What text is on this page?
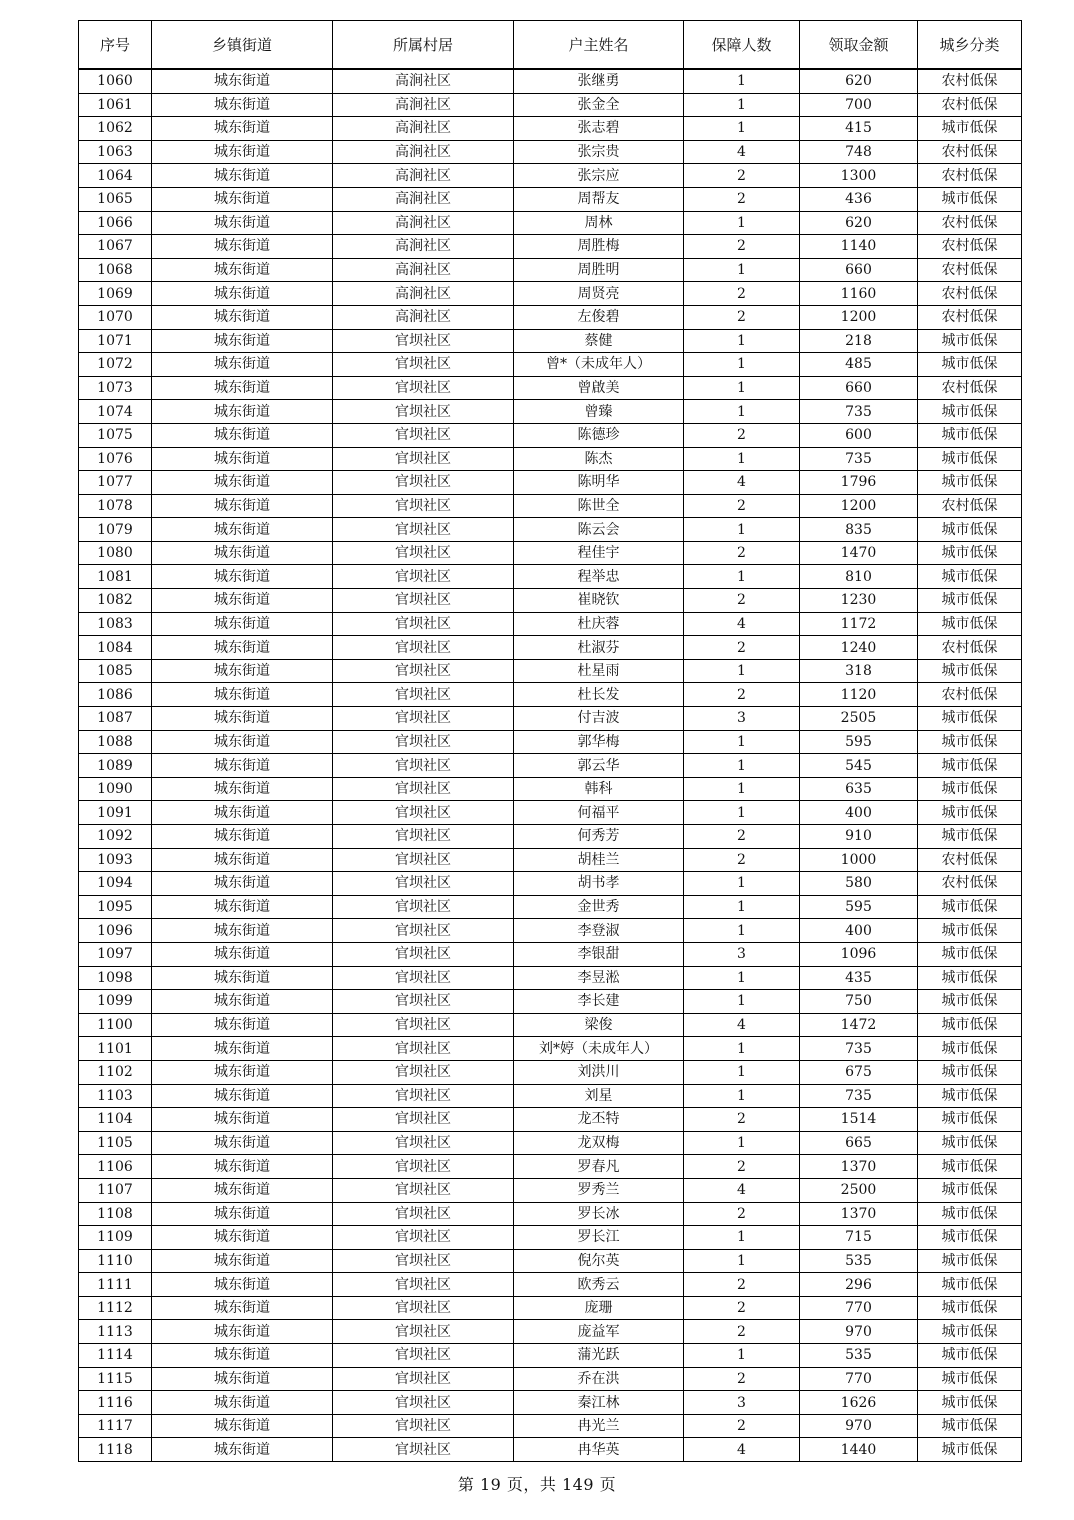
序号	乡镇街道	所属村居	户主姓名	保障人数	领取金额	城乡分类
1060	城东街道	高涧社区	张继勇	1	620	农村低保
1061	城东街道	高涧社区	张金全	1	700	农村低保
1062	城东街道	高涧社区	张志碧	1	415	城市低保
1063	城东街道	高涧社区	张宗贵	4	748	农村低保
1064	城东街道	高涧社区	张宗应	2	1300	农村低保
1065	城东街道	高涧社区	周帮友	2	436	城市低保
1066	城东街道	高涧社区	周林	1	620	农村低保
1067	城东街道	高涧社区	周胜梅	2	1140	农村低保
1068	城东街道	高涧社区	周胜明	1	660	农村低保
1069	城东街道	高涧社区	周贤亮	2	1160	农村低保
1070	城东街道	高涧社区	左俊碧	2	1200	农村低保
1071	城东街道	官坝社区	蔡健	1	218	城市低保
1072	城东街道	官坝社区	曾*（未成年人）	1	485	城市低保
1073	城东街道	官坝社区	曾啟美	1	660	农村低保
1074	城东街道	官坝社区	曾臻	1	735	城市低保
1075	城东街道	官坝社区	陈德珍	2	600	城市低保
1076	城东街道	官坝社区	陈杰	1	735	城市低保
1077	城东街道	官坝社区	陈明华	4	1796	城市低保
1078	城东街道	官坝社区	陈世全	2	1200	农村低保
1079	城东街道	官坝社区	陈云会	1	835	城市低保
1080	城东街道	官坝社区	程佳宇	2	1470	城市低保
1081	城东街道	官坝社区	程举忠	1	810	城市低保
1082	城东街道	官坝社区	崔晓钦	2	1230	城市低保
1083	城东街道	官坝社区	杜庆蓉	4	1172	城市低保
1084	城东街道	官坝社区	杜淑芬	2	1240	农村低保
1085	城东街道	官坝社区	杜星雨	1	318	城市低保
1086	城东街道	官坝社区	杜长发	2	1120	农村低保
1087	城东街道	官坝社区	付吉波	3	2505	城市低保
1088	城东街道	官坝社区	郭华梅	1	595	城市低保
1089	城东街道	官坝社区	郭云华	1	545	城市低保
1090	城东街道	官坝社区	韩科	1	635	城市低保
1091	城东街道	官坝社区	何福平	1	400	城市低保
1092	城东街道	官坝社区	何秀芳	2	910	城市低保
1093	城东街道	官坝社区	胡桂兰	2	1000	农村低保
1094	城东街道	官坝社区	胡书孝	1	580	农村低保
1095	城东街道	官坝社区	金世秀	1	595	城市低保
1096	城东街道	官坝社区	李登淑	1	400	城市低保
1097	城东街道	官坝社区	李银甜	3	1096	城市低保
1098	城东街道	官坝社区	李昱淞	1	435	城市低保
1099	城东街道	官坝社区	李长建	1	750	城市低保
1100	城东街道	官坝社区	梁俊	4	1472	城市低保
1101	城东街道	官坝社区	刘*婷（未成年人）	1	735	城市低保
1102	城东街道	官坝社区	刘洪川	1	675	城市低保
1103	城东街道	官坝社区	刘星	1	735	城市低保
1104	城东街道	官坝社区	龙丕特	2	1514	城市低保
1105	城东街道	官坝社区	龙双梅	1	665	城市低保
1106	城东街道	官坝社区	罗春凡	2	1370	城市低保
1107	城东街道	官坝社区	罗秀兰	4	2500	城市低保
1108	城东街道	官坝社区	罗长冰	2	1370	城市低保
1109	城东街道	官坝社区	罗长江	1	715	城市低保
1110	城东街道	官坝社区	倪尔英	1	535	城市低保
1111	城东街道	官坝社区	欧秀云	2	296	城市低保
1112	城东街道	官坝社区	庞珊	2	770	城市低保
1113	城东街道	官坝社区	庞益军	2	970	城市低保
1114	城东街道	官坝社区	蒲光跃	1	535	城市低保
1115	城东街道	官坝社区	乔在洪	2	770	城市低保
1116	城东街道	官坝社区	秦江林	3	1626	城市低保
1117	城东街道	官坝社区	冉光兰	2	970	城市低保
1118	城东街道	官坝社区	冉华英	4	1440	城市低保
第 19 页，共 149 页
